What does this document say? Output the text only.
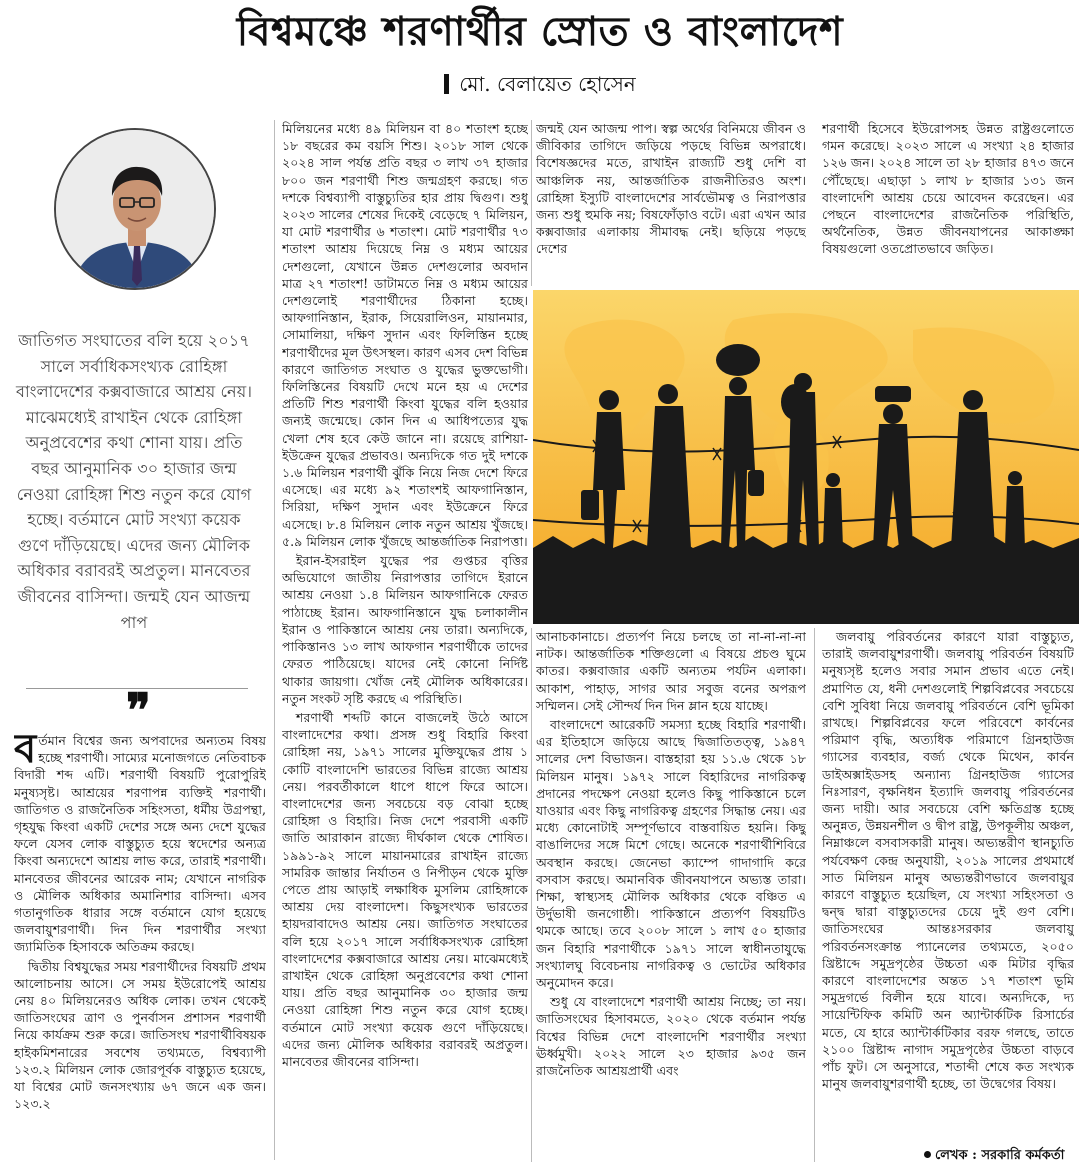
বিশ্বমঞ্চে শরণার্থীর স্রোত ও বাংলাদেশ
মো. বেলায়েত হোসেন
জাতিগত সংঘাতের বলি হয়ে ২০১৭ সালে সর্বাধিকসংখ্যক রোহিঙ্গা বাংলাদেশের কক্সবাজারে আশ্রয় নেয়। মাঝেমধ্যেই রাখাইন থেকে রোহিঙ্গা অনুপ্রবেশের কথা শোনা যায়। প্রতি বছর আনুমানিক ৩০ হাজার জন্ম নেওয়া রোহিঙ্গা শিশু নতুন করে যোগ হচ্ছে। বর্তমানে মোট সংখ্যা কয়েক গুণে দাঁড়িয়েছে। এদের জন্য মৌলিক অধিকার বরাবরই অপ্রতুল। মানবেতর জীবনের বাসিন্দা। জন্মই যেন আজন্ম পাপ
❞

বর্তমান বিশ্বের জন্য অপবাদের অন্যতম বিষয় হচ্ছে শরণার্থী। সাম্যের মনোজগতে নেতিবাচক বিদারী শব্দ এটি। শরণার্থী বিষয়টি পুরোপুরিই মনুষ্যসৃষ্ট। আশ্রয়ের শরণাপন্ন ব্যক্তিই শরণার্থী। জাতিগত ও রাজনৈতিক সহিংসতা, ধর্মীয় উগ্রপন্থা, গৃহযুদ্ধ কিংবা একটি দেশের সঙ্গে অন্য দেশে যুদ্ধের ফলে যেসব লোক বাস্তুচ্যুত হয়ে স্বদেশের অন্যত্র কিংবা অন্যদেশে আশ্রয় লাভ করে, তারাই শরণার্থী। মানবেতর জীবনের আরেক নাম; যেখানে নাগরিক ও মৌলিক অধিকার অমানিশার বাসিন্দা। এসব গতানুগতিক ধারার সঙ্গে বর্তমানে যোগ হয়েছে জলবায়ুশরণার্থী। দিন দিন শরণার্থীর সংখ্যা জ্যামিতিক হিসাবকে অতিক্রম করছে।

দ্বিতীয় বিশ্বযুদ্ধের সময় শরণার্থীদের বিষয়টি প্রথম আলোচনায় আসে। সে সময় ইউরোপেই আশ্রয় নেয় ৪০ মিলিয়নেরও অধিক লোক। তখন থেকেই জাতিসংঘের ত্রাণ ও পুনর্বাসন প্রশাসন শরণার্থী নিয়ে কার্যক্রম শুরু করে। জাতিসংঘ শরণার্থীবিষয়ক হাইকমিশনারের সবশেষ তথ্যমতে, বিশ্বব্যাপী ১২৩.২ মিলিয়ন লোক জোরপূর্বক বাস্তুচ্যুত হয়েছে, যা বিশ্বের মোট জনসংখ্যায় ৬৭ জনে এক জন। ১২৩.২

মিলিয়নের মধ্যে ৪৯ মিলিয়ন বা ৪০ শতাংশ হচ্ছে ১৮ বছরের কম বয়সি শিশু। ২০১৮ সাল থেকে ২০২৪ সাল পর্যন্ত প্রতি বছর ৩ লাখ ৩৭ হাজার ৮০০ জন শরণার্থী শিশু জন্মগ্রহণ করছে। গত দশকে বিশ্বব্যাপী বাস্তুচ্যুতির হার প্রায় দ্বিগুণ। শুধু ২০২৩ সালের শেষের দিকেই বেড়েছে ৭ মিলিয়ন, যা মোট শরণার্থীর ৬ শতাংশ। মোট শরণার্থীর ৭৩ শতাংশ আশ্রয় দিয়েছে নিম্ন ও মধ্যম আয়ের দেশগুলো, যেখানে উন্নত দেশগুলোর অবদান মাত্র ২৭ শতাংশ! ডাটামতে নিম্ন ও মধ্যম আয়ের দেশগুলোই শরণার্থীদের ঠিকানা হচ্ছে। আফগানিস্তান, ইরাক, সিয়েরালিওন, মায়ানমার, সোমালিয়া, দক্ষিণ সুদান এবং ফিলিস্তিন হচ্ছে শরণার্থীদের মূল উৎসস্থল। কারণ এসব দেশ বিভিন্ন কারণে জাতিগত সংঘাত ও যুদ্ধের ভুক্তভোগী। ফিলিস্তিনের বিষয়টি দেখে মনে হয় এ দেশের প্রতিটি শিশু শরণার্থী কিংবা যুদ্ধের বলি হওয়ার জন্যই জন্মেছে। কোন দিন এ আধিপত্যের যুদ্ধ খেলা শেষ হবে কেউ জানে না। রয়েছে রাশিয়া-ইউক্রেন যুদ্ধের প্রভাবও। অন্যদিকে গত দুই দশকে ১.৬ মিলিয়ন শরণার্থী ঝুঁকি নিয়ে নিজ দেশে ফিরে এসেছে। এর মধ্যে ৯২ শতাংশই আফগানিস্তান, সিরিয়া, দক্ষিণ সুদান এবং ইউক্রেনে ফিরে এসেছে। ৮.৪ মিলিয়ন লোক নতুন আশ্রয় খুঁজছে। ৫.৯ মিলিয়ন লোক খুঁজছে আন্তর্জাতিক নিরাপত্তা।

ইরান-ইসরাইল যুদ্ধের পর গুপ্তচর বৃত্তির অভিযোগে জাতীয় নিরাপত্তার তাগিদে ইরানে আশ্রয় নেওয়া ১.৪ মিলিয়ন আফগানিকে ফেরত পাঠাচ্ছে ইরান। আফগানিস্তানে যুদ্ধ চলাকালীন ইরান ও পাকিস্তানে আশ্রয় নেয় তারা। অন্যদিকে, পাকিস্তানও ১৩ লাখ আফগান শরণার্থীকে তাদের ফেরত পাঠিয়েছে। যাদের নেই কোনো নির্দিষ্ট থাকার জায়গা। খোঁজ নেই মৌলিক অধিকারের। নতুন সংকট সৃষ্টি করছে এ পরিস্থিতি।

শরণার্থী শব্দটি কানে বাজলেই উঠে আসে বাংলাদেশের কথা। প্রসঙ্গ শুধু বিহারি কিংবা রোহিঙ্গা নয়, ১৯৭১ সালের মুক্তিযুদ্ধের প্রায় ১ কোটি বাংলাদেশি ভারতের বিভিন্ন রাজ্যে আশ্রয় নেয়। পরবর্তীকালে ধাপে ধাপে ফিরে আসে। বাংলাদেশের জন্য সবচেয়ে বড় বোঝা হচ্ছে রোহিঙ্গা ও বিহারি। নিজ দেশে পরবাসী একটি জাতি আরাকান রাজ্যে দীর্ঘকাল থেকে শোষিত। ১৯৯১-৯২ সালে মায়ানমারের রাখাইন রাজ্যে সামরিক জান্তার নির্যাতন ও নিপীড়ন থেকে মুক্তি পেতে প্রায় আড়াই লক্ষাধিক মুসলিম রোহিঙ্গাকে আশ্রয় দেয় বাংলাদেশ। কিছুসংখ্যক ভারতের হায়দরাবাদেও আশ্রয় নেয়। জাতিগত সংঘাতের বলি হয়ে ২০১৭ সালে সর্বাধিকসংখ্যক রোহিঙ্গা বাংলাদেশের কক্সবাজারে আশ্রয় নেয়। মাঝেমধ্যেই রাখাইন থেকে রোহিঙ্গা অনুপ্রবেশের কথা শোনা যায়। প্রতি বছর আনুমানিক ৩০ হাজার জন্ম নেওয়া রোহিঙ্গা শিশু নতুন করে যোগ হচ্ছে। বর্তমানে মোট সংখ্যা কয়েক গুণে দাঁড়িয়েছে। এদের জন্য মৌলিক অধিকার বরাবরই অপ্রতুল। মানবেতর জীবনের বাসিন্দা।

জন্মই যেন আজন্ম পাপ। স্বল্প অর্থের বিনিময়ে জীবন ও জীবিকার তাগিদে জড়িয়ে পড়ছে বিভিন্ন অপরাধে। বিশেষজ্ঞদের মতে, রাখাইন রাজ্যটি শুধু দেশি বা আঞ্চলিক নয়, আন্তর্জাতিক রাজনীতিরও অংশ। রোহিঙ্গা ইস্যুটি বাংলাদেশের সার্বভৌমত্ব ও নিরাপত্তার জন্য শুধু হুমকি নয়; বিষফোঁড়াও বটে। এরা এখন আর কক্সবাজার এলাকায় সীমাবদ্ধ নেই। ছড়িয়ে পড়ছে দেশের

শরণার্থী হিসেবে ইউরোপসহ উন্নত রাষ্ট্রগুলোতে গমন করেছে। ২০২৩ সালে এ সংখ্যা ২৪ হাজার ১২৬ জন। ২০২৪ সালে তা ২৮ হাজার ৪৭৩ জনে পৌঁছেছে। এছাড়া ১ লাখ ৮ হাজার ১৩১ জন বাংলাদেশি আশ্রয় চেয়ে আবেদন করেছেন। এর পেছনে বাংলাদেশের রাজনৈতিক পরিস্থিতি, অর্থনৈতিক, উন্নত জীবনযাপনের আকাঙ্ক্ষা বিষয়গুলো ওতপ্রোতভাবে জড়িত।

আনাচকানাচে। প্রত্যর্পণ নিয়ে চলছে তা না-না-না-না নাটক। আন্তর্জাতিক শক্তিগুলো এ বিষয়ে প্রচণ্ড ঘুমে কাতর। কক্সবাজার একটি অন্যতম পর্যটন এলাকা। আকাশ, পাহাড়, সাগর আর সবুজ বনের অপরূপ সম্মিলন। সেই সৌন্দর্য দিন দিন ম্লান হয়ে যাচ্ছে।

বাংলাদেশে আরেকটি সমস্যা হচ্ছে বিহারি শরণার্থী। এর ইতিহাসে জড়িয়ে আছে দ্বিজাতিতত্ত্ব, ১৯৪৭ সালের দেশ বিভাজন। বাস্তহারা হয় ১১.৬ থেকে ১৮ মিলিয়ন মানুষ। ১৯৭২ সালে বিহারিদের নাগরিকত্ব প্রদানের পদক্ষেপ নেওয়া হলেও কিছু পাকিস্তানে চলে যাওয়ার এবং কিছু নাগরিকত্ব গ্রহণের সিদ্ধান্ত নেয়। এর মধ্যে কোনোটাই সম্পূর্ণভাবে বাস্তবায়িত হয়নি। কিছু বাঙালিদের সঙ্গে মিশে গেছে। অনেকে শরণার্থীশিবিরে অবস্থান করছে। জেনেভা ক্যাম্পে গাদাগাদি করে বসবাস করছে। অমানবিক জীবনযাপনে অভ্যস্ত তারা। শিক্ষা, স্বাস্থ্যসহ মৌলিক অধিকার থেকে বঞ্চিত এ উর্দুভাষী জনগোষ্ঠী। পাকিস্তানে প্রত্যর্পণ বিষয়টিও থমকে আছে। তবে ২০০৮ সালে ১ লাখ ৫০ হাজার জন বিহারি শরণার্থীকে ১৯৭১ সালে স্বাধীনতাযুদ্ধে সংখ্যালঘু বিবেচনায় নাগরিকত্ব ও ভোটের অধিকার অনুমোদন করে।

শুধু যে বাংলাদেশে শরণার্থী আশ্রয় নিচ্ছে; তা নয়। জাতিসংঘের হিসাবমতে, ২০২০ থেকে বর্তমান পর্যন্ত বিশ্বের বিভিন্ন দেশে বাংলাদেশি শরণার্থীর সংখ্যা ঊর্ধ্বমুখী। ২০২২ সালে ২৩ হাজার ৯৩৫ জন রাজনৈতিক আশ্রয়প্রার্থী এবং

জলবায়ু পরিবর্তনের কারণে যারা বাস্তুচ্যুত, তারাই জলবায়ুশরণার্থী। জলবায়ু পরিবর্তন বিষয়টি মনুষ্যসৃষ্ট হলেও সবার সমান প্রভাব এতে নেই। প্রমাণিত যে, ধনী দেশগুলোই শিল্পবিপ্লবের সবচেয়ে বেশি সুবিধা নিয়ে জলবায়ু পরিবর্তনে বেশি ভূমিকা রাখছে। শিল্পবিপ্লবের ফলে পরিবেশে কার্বনের পরিমাণ বৃদ্ধি, অত্যধিক পরিমাণে গ্রিনহাউজ গ্যাসের ব্যবহার, বর্জ্য থেকে মিথেন, কার্বন ডাইঅক্সাইডসহ অন্যান্য গ্রিনহাউজ গ্যাসের নিঃসারণ, বৃক্ষনিধন ইত্যাদি জলবায়ু পরিবর্তনের জন্য দায়ী। আর সবচেয়ে বেশি ক্ষতিগ্রস্ত হচ্ছে অনুন্নত, উন্নয়নশীল ও দ্বীপ রাষ্ট্র, উপকূলীয় অঞ্চল, নিম্নাঞ্চলে বসবাসকারী মানুষ। অভ্যন্তরীণ স্থানচ্যুতি পর্যবেক্ষণ কেন্দ্র অনুযায়ী, ২০১৯ সালের প্রথমার্ধে সাত মিলিয়ন মানুষ অভ্যন্তরীণভাবে জলবায়ুর কারণে বাস্তুচ্যুত হয়েছিল, যে সংখ্যা সহিংসতা ও দ্বন্দ্ব দ্বারা বাস্তুচ্যুতদের চেয়ে দুই গুণ বেশি। জাতিসংঘের আন্তঃসরকার জলবায়ু পরিবর্তনসংক্রান্ত প্যানেলের তথ্যমতে, ২০৫০ খ্রিষ্টাব্দে সমুদ্রপৃষ্ঠের উচ্চতা এক মিটার বৃদ্ধির কারণে বাংলাদেশের অন্তত ১৭ শতাংশ ভূমি সমুদ্রগর্ভে বিলীন হয়ে যাবে। অন্যদিকে, দ্য সায়েন্টিফিক কমিটি অন অ্যান্টার্কটিক রিসার্চের মতে, যে হারে অ্যান্টার্কটিকার বরফ গলছে, তাতে ২১০০ খ্রিষ্টাব্দ নাগাদ সমুদ্রপৃষ্ঠের উচ্চতা বাড়বে পাঁচ ফুট। সে অনুসারে, শতাব্দী শেষে কত সংখ্যক মানুষ জলবায়ুশরণার্থী হচ্ছে, তা উদ্বেগের বিষয়।

লেখক : সরকারি কর্মকর্তা
